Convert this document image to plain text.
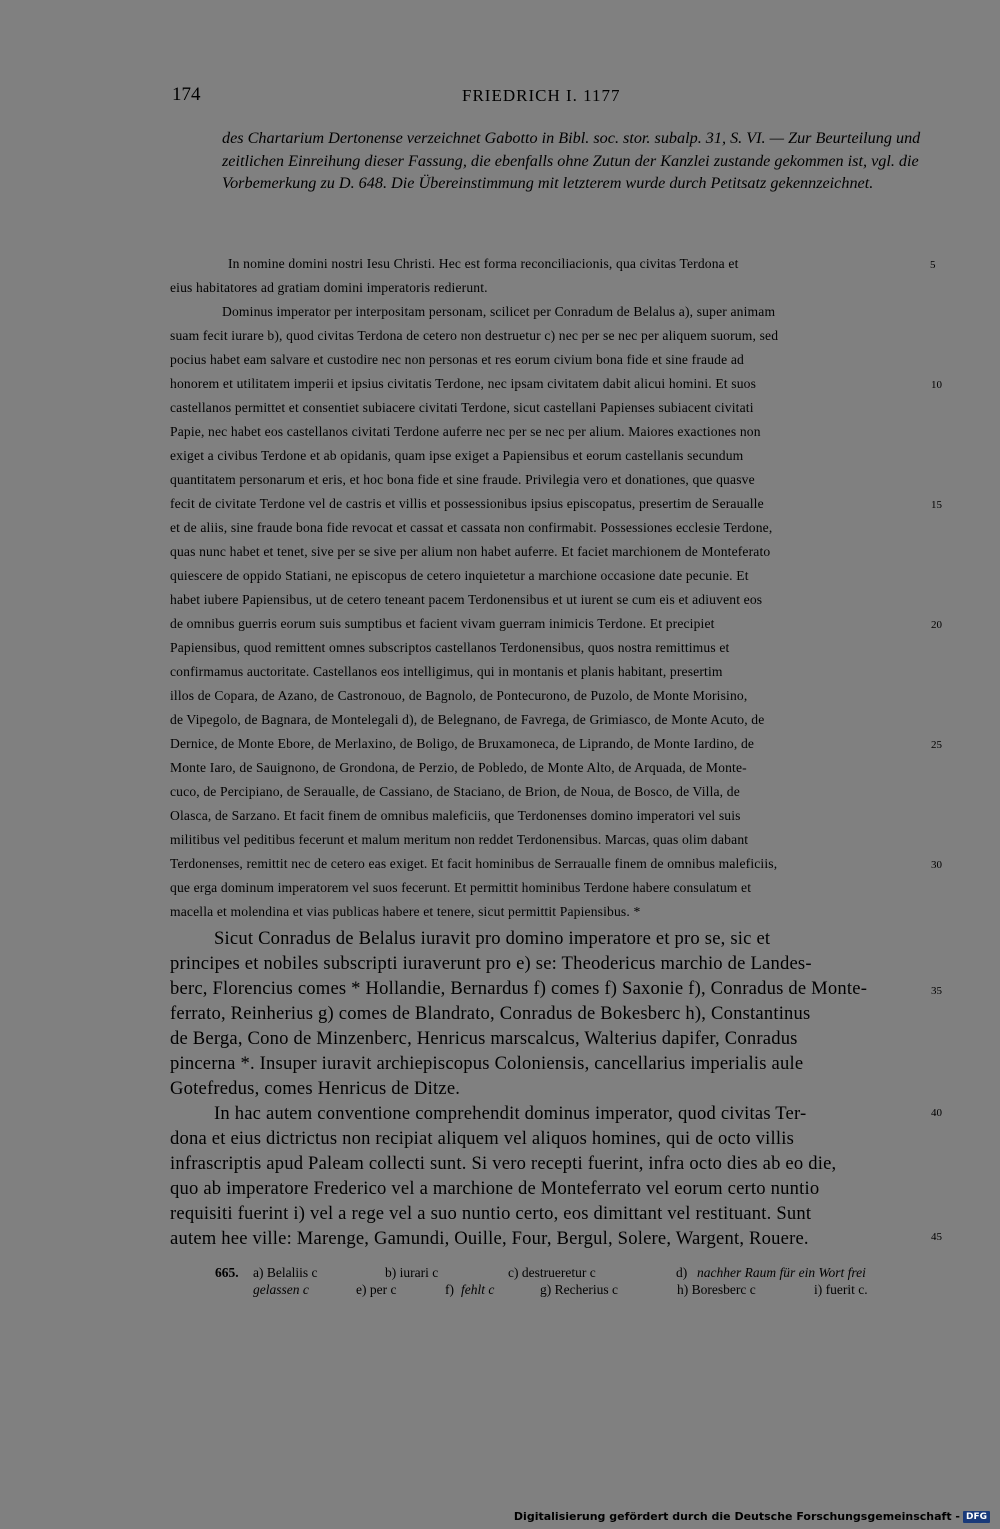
174	FRIEDRICH I. 1177

des Chartarium Dertonense verzeichnet Gabotto in Bibl. soc. stor. subalp. 31, S. VI. — Zur Beurteilung und zeitlichen Einreihung dieser Fassung, die ebenfalls ohne Zutun der Kanzlei zustande gekommen ist, vgl. die Vorbemerkung zu D. 648. Die Übereinstimmung mit letzterem wurde durch Petitsatz gekennzeichnet.

In nomine domini nostri Iesu Christi. Hec est forma reconciliacionis, qua civitas Terdona et	5
eius habitatores ad gratiam domini imperatoris redierunt.
Dominus imperator per interpositam personam, scilicet per Conradum de Belalus a), super animam
suam fecit iurare b), quod civitas Terdona de cetero non destruetur c) nec per se nec per aliquem suorum, sed
pocius habet eam salvare et custodire nec non personas et res eorum civium bona fide et sine fraude ad
honorem et utilitatem imperii et ipsius civitatis Terdone, nec ipsam civitatem dabit alicui homini. Et suos	10
castellanos permittet et consentiet subiacere civitati Terdone, sicut castellani Papienses subiacent civitati
Papie, nec habet eos castellanos civitati Terdone auferre nec per se nec per alium. Maiores exactiones non
exiget a civibus Terdone et ab opidanis, quam ipse exiget a Papiensibus et eorum castellanis secundum
quantitatem personarum et eris, et hoc bona fide et sine fraude. Privilegia vero et donationes, que quasve
fecit de civitate Terdone vel de castris et villis et possessionibus ipsius episcopatus, presertim de Seraualle	15
et de aliis, sine fraude bona fide revocat et cassat et cassata non confirmabit. Possessiones ecclesie Terdone,
quas nunc habet et tenet, sive per se sive per alium non habet auferre. Et faciet marchionem de Monteferato
quiescere de oppido Statiani, ne episcopus de cetero inquietetur a marchione occasione date pecunie. Et
habet iubere Papiensibus, ut de cetero teneant pacem Terdonensibus et ut iurent se cum eis et adiuvent eos
de omnibus guerris eorum suis sumptibus et facient vivam guerram inimicis Terdone. Et precipiet	20
Papiensibus, quod remittent omnes subscriptos castellanos Terdonensibus, quos nostra remittimus et
confirmamus auctoritate. Castellanos eos intelligimus, qui in montanis et planis habitant, presertim
illos de Copara, de Azano, de Castronouo, de Bagnolo, de Pontecurono, de Puzolo, de Monte Morisino,
de Vipegolo, de Bagnara, de Montelegali d), de Belegnano, de Favrega, de Grimiasco, de Monte Acuto, de
Dernice, de Monte Ebore, de Merlaxino, de Boligo, de Bruxamoneca, de Liprando, de Monte Iardino, de	25
Monte Iaro, de Sauignono, de Grondona, de Perzio, de Pobledo, de Monte Alto, de Arquada, de Monte-
cuco, de Percipiano, de Seraualle, de Cassiano, de Staciano, de Brion, de Noua, de Bosco, de Villa, de
Olasca, de Sarzano. Et facit finem de omnibus maleficiis, que Terdonenses domino imperatori vel suis
militibus vel peditibus fecerunt et malum meritum non reddet Terdonensibus. Marcas, quas olim dabant
Terdonenses, remittit nec de cetero eas exiget. Et facit hominibus de Serraualle finem de omnibus maleficiis,	30
que erga dominum imperatorem vel suos fecerunt. Et permittit hominibus Terdone habere consulatum et
macella et molendina et vias publicas habere et tenere, sicut permittit Papiensibus. *
Sicut Conradus de Belalus iuravit pro domino imperatore et pro se, sic et
principes et nobiles subscripti iuraverunt pro e) se: Theodericus marchio de Landes-
berc, Florencius comes * Hollandie, Bernardus f) comes f) Saxonie f), Conradus de Monte-	35
ferrato, Reinherius g) comes de Blandrato, Conradus de Bokesberc h), Constantinus
de Berga, Cono de Minzenberc, Henricus marscalcus, Walterius dapifer, Conradus
pincerna *. Insuper iuravit archiepiscopus Coloniensis, cancellarius imperialis aule
Gotefredus, comes Henricus de Ditze.
In hac autem conventione comprehendit dominus imperator, quod civitas Ter-	40
dona et eius dictrictus non recipiat aliquem vel aliquos homines, qui de octo villis
infrascriptis apud Paleam collecti sunt. Si vero recepti fuerint, infra octo dies ab eo die,
quo ab imperatore Frederico vel a marchione de Monteferrato vel eorum certo nuntio
requisiti fuerint i) vel a rege vel a suo nuntio certo, eos dimittant vel restituant. Sunt
autem hee ville: Marenge, Gamundi, Ouille, Four, Bergul, Solere, Wargent, Rouere.	45
665. a) Belaliis c	b) iurari c	c) destrueretur c	d) nachher Raum für ein Wort frei
gelassen c	e) per c	f) fehlt c	g) Recherius c	h) Boresberc c	i) fuerit c.
Digitalisierung gefördert durch die Deutsche Forschungsgemeinschaft - DFG
